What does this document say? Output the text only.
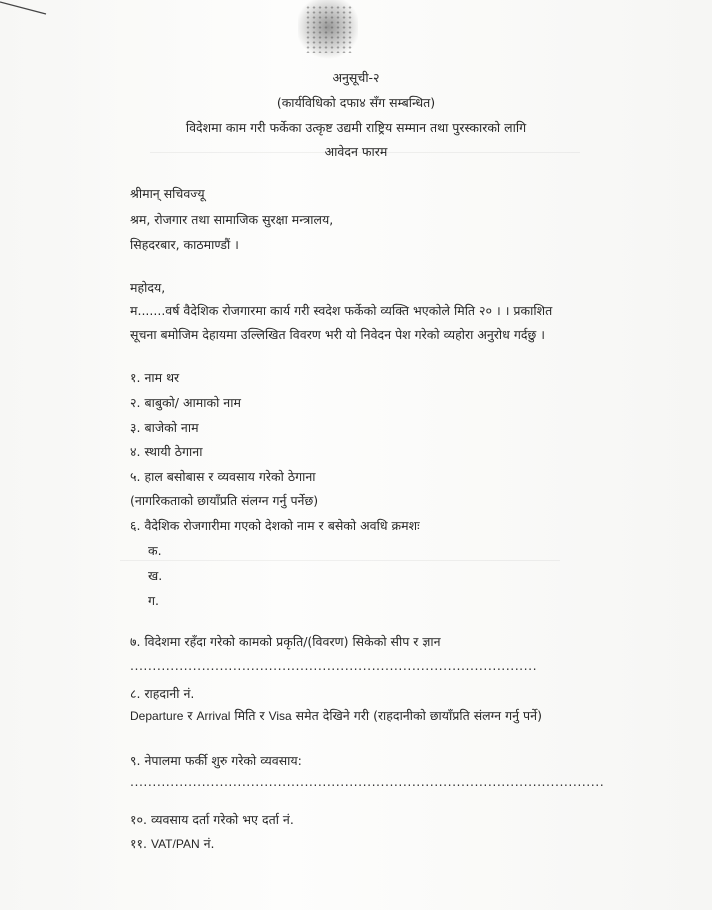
अनुसूची-२
(कार्यविधिको दफा४ सँग सम्बन्धित)
विदेशमा काम गरी फर्केका उत्कृष्ट उद्यमी राष्ट्रिय सम्मान तथा पुरस्कारको लागि
आवेदन फारम
श्रीमान् सचिवज्यू
श्रम, रोजगार तथा सामाजिक सुरक्षा मन्त्रालय,
सिहदरबार, काठमाण्डौं ।
महोदय,
म.......वर्ष वैदेशिक रोजगारमा कार्य गरी स्वदेश फर्केको व्यक्ति भएकोले मिति २० । । प्रकाशित
सूचना बमोजिम देहायमा उल्लिखित विवरण भरी यो निवेदन पेश गरेको व्यहोरा अनुरोध गर्दछु ।
१. नाम थर
२. बाबुको/ आमाको नाम
३. बाजेको नाम
४. स्थायी ठेगाना
५. हाल बसोबास र व्यवसाय गरेको ठेगाना
(नागरिकताको छायाँप्रति संलग्न गर्नु पर्नेछ)
६. वैदेशिक रोजगारीमा गएको देशको नाम र बसेको अवधि क्रमशः
क.
ख.
ग.
७. विदेशमा रहँदा गरेको कामको प्रकृति/(विवरण) सिकेको सीप र ज्ञान
...........................................................................................
८. राहदानी नं.
Departure र Arrival मिति र Visa समेत देखिने गरी (राहदानीको छायाँप्रति संलग्न गर्नु पर्ने)
९. नेपालमा फर्की शुरु गरेको व्यवसाय:
..........................................................................................................
१०. व्यवसाय दर्ता गरेको भए दर्ता नं.
११. VAT/PAN नं.
